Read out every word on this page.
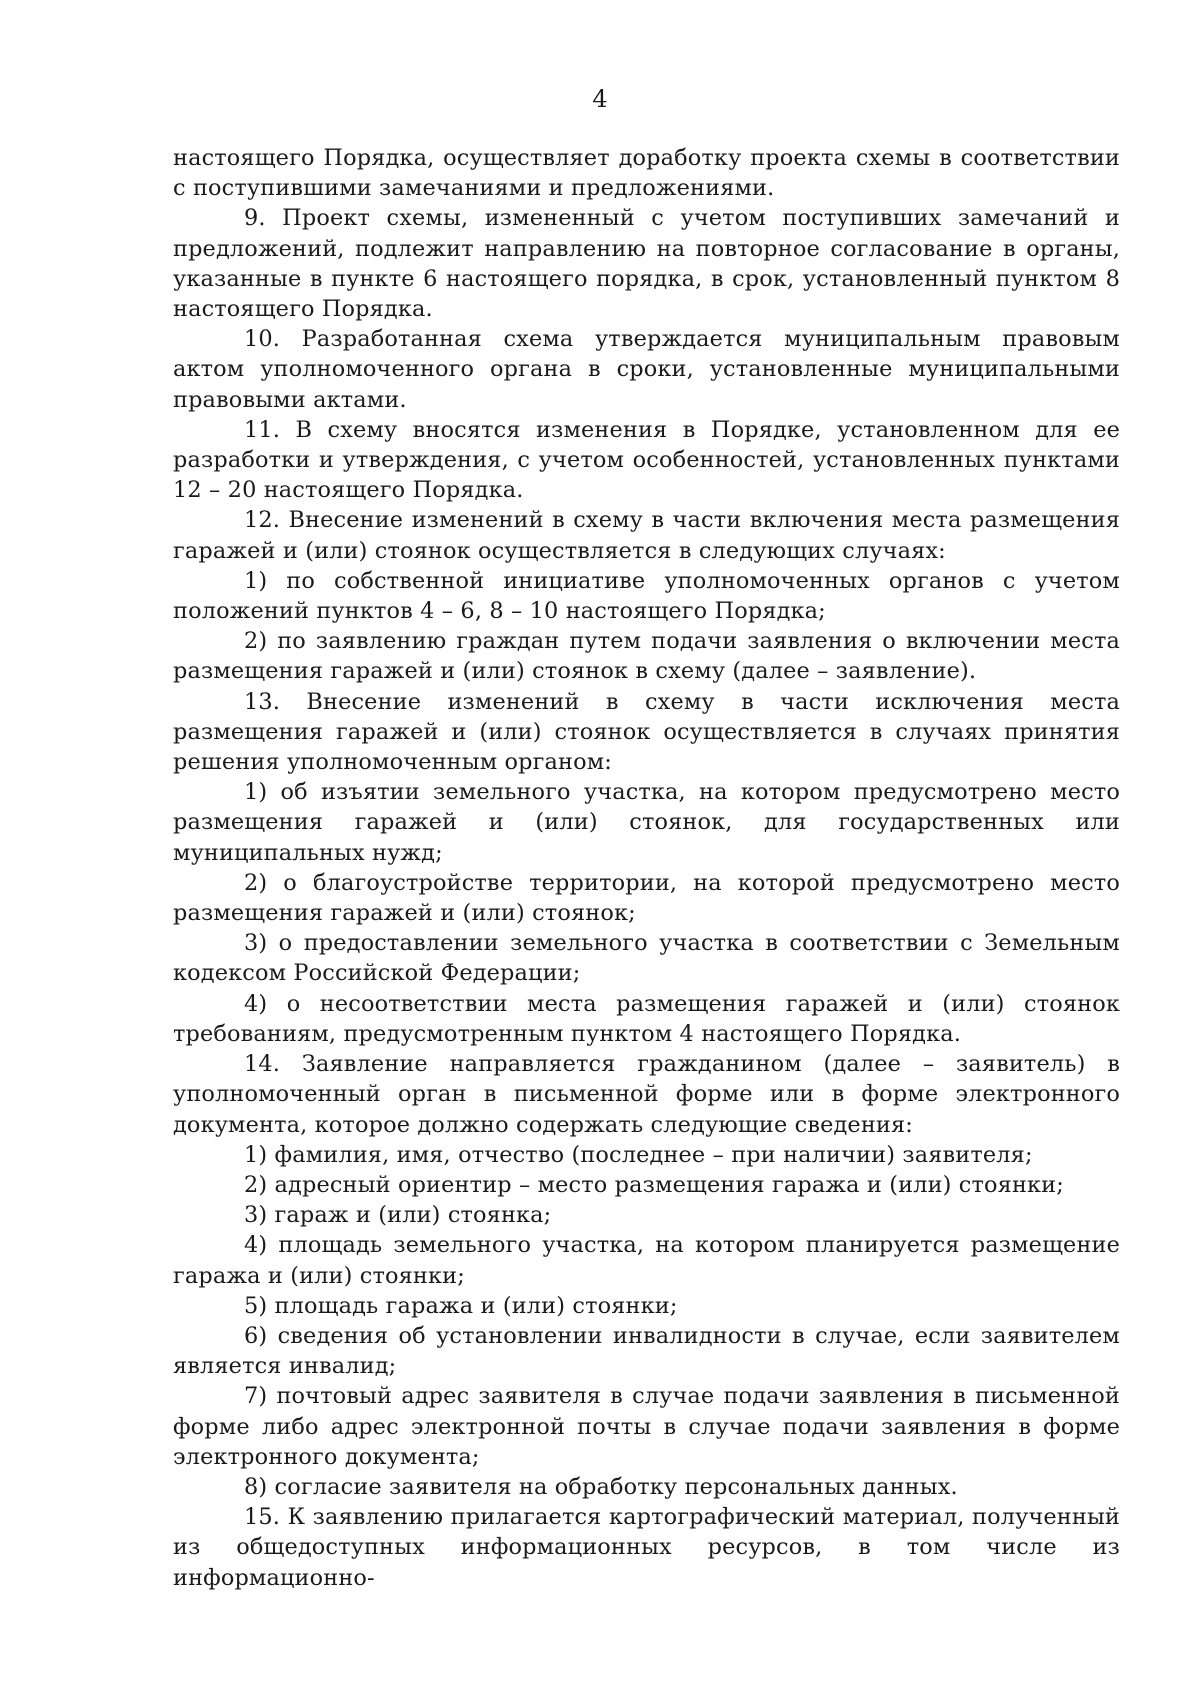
4

настоящего Порядка, осуществляет доработку проекта схемы в соответствии с поступившими замечаниями и предложениями.

9. Проект схемы, измененный с учетом поступивших замечаний и предложений, подлежит направлению на повторное согласование в органы, указанные в пункте 6 настоящего порядка, в срок, установленный пунктом 8 настоящего Порядка.

10. Разработанная схема утверждается муниципальным правовым актом уполномоченного органа в сроки, установленные муниципальными правовыми актами.

11. В схему вносятся изменения в Порядке, установленном для ее разработки и утверждения, с учетом особенностей, установленных пунктами 12 – 20 настоящего Порядка.

12. Внесение изменений в схему в части включения места размещения гаражей и (или) стоянок осуществляется в следующих случаях:

1) по собственной инициативе уполномоченных органов с учетом положений пунктов 4 – 6, 8 – 10 настоящего Порядка;

2) по заявлению граждан путем подачи заявления о включении места размещения гаражей и (или) стоянок в схему (далее – заявление).

13. Внесение изменений в схему в части исключения места размещения гаражей и (или) стоянок осуществляется в случаях принятия решения уполномоченным органом:

1) об изъятии земельного участка, на котором предусмотрено место размещения гаражей и (или) стоянок, для государственных или муниципальных нужд;

2) о благоустройстве территории, на которой предусмотрено место размещения гаражей и (или) стоянок;

3) о предоставлении земельного участка в соответствии с Земельным кодексом Российской Федерации;

4) о несоответствии места размещения гаражей и (или) стоянок требованиям, предусмотренным пунктом 4 настоящего Порядка.

14. Заявление направляется гражданином (далее – заявитель) в уполномоченный орган в письменной форме или в форме электронного документа, которое должно содержать следующие сведения:

1) фамилия, имя, отчество (последнее – при наличии) заявителя;

2) адресный ориентир – место размещения гаража и (или) стоянки;

3) гараж и (или) стоянка;

4) площадь земельного участка, на котором планируется размещение гаража и (или) стоянки;

5) площадь гаража и (или) стоянки;

6) сведения об установлении инвалидности в случае, если заявителем является инвалид;

7) почтовый адрес заявителя в случае подачи заявления в письменной форме либо адрес электронной почты в случае подачи заявления в форме электронного документа;

8) согласие заявителя на обработку персональных данных.

15. К заявлению прилагается картографический материал, полученный из общедоступных информационных ресурсов, в том числе из информационно-
